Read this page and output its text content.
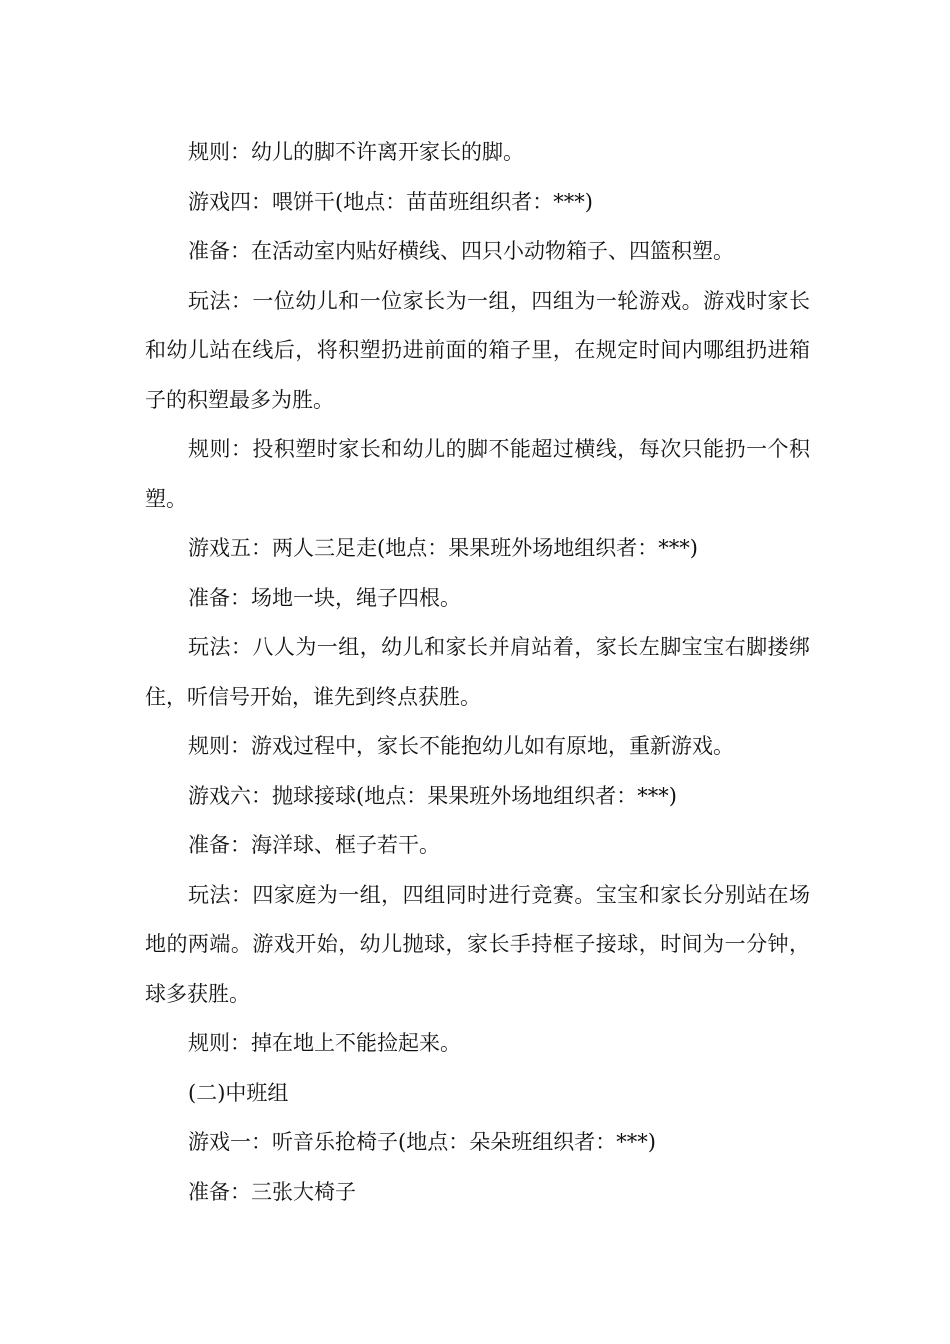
规则：幼儿的脚不许离开家长的脚。

游戏四：喂饼干(地点：苗苗班组织者：***)

准备：在活动室内贴好横线、四只小动物箱子、四篮积塑。

玩法：一位幼儿和一位家长为一组，四组为一轮游戏。游戏时家长和幼儿站在线后，将积塑扔进前面的箱子里，在规定时间内哪组扔进箱子的积塑最多为胜。

规则：投积塑时家长和幼儿的脚不能超过横线，每次只能扔一个积塑。

游戏五：两人三足走(地点：果果班外场地组织者：***)

准备：场地一块，绳子四根。

玩法：八人为一组，幼儿和家长并肩站着，家长左脚宝宝右脚搂绑住，听信号开始，谁先到终点获胜。

规则：游戏过程中，家长不能抱幼儿如有原地，重新游戏。

游戏六：抛球接球(地点：果果班外场地组织者：***)

准备：海洋球、框子若干。

玩法：四家庭为一组，四组同时进行竞赛。宝宝和家长分别站在场地的两端。游戏开始，幼儿抛球，家长手持框子接球，时间为一分钟，球多获胜。

规则：掉在地上不能捡起来。

(二)中班组

游戏一：听音乐抢椅子(地点：朵朵班组织者：***)

准备：三张大椅子
